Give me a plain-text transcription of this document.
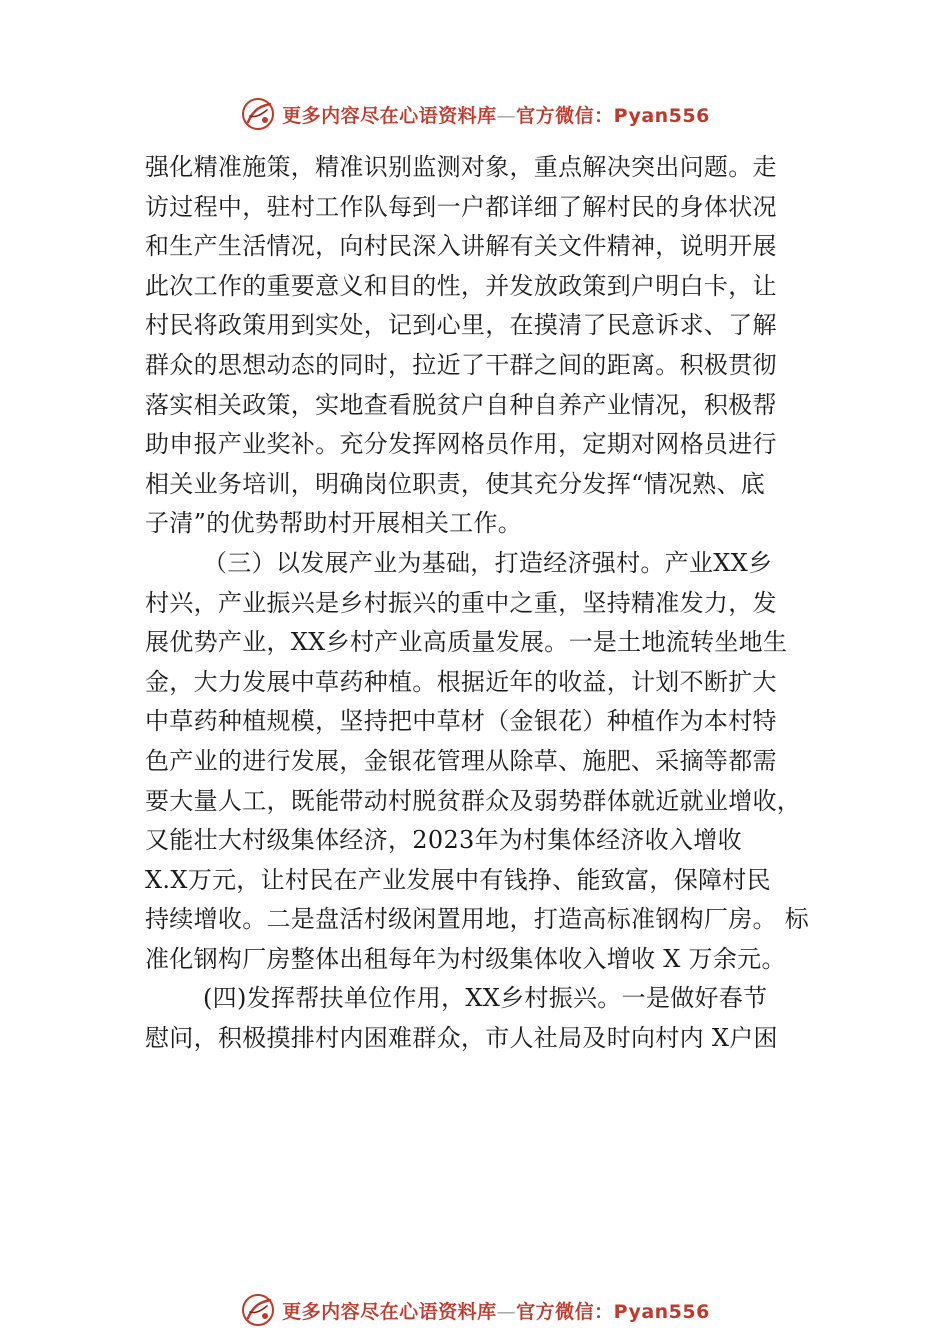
更多内容尽在心语资料库—官方微信：Pyan556
强化精准施策，精准识别监测对象，重点解决突出问题。走
访过程中，驻村工作队每到一户都详细了解村民的身体状况
和生产生活情况，向村民深入讲解有关文件精神，说明开展
此次工作的重要意义和目的性，并发放政策到户明白卡，让
村民将政策用到实处，记到心里，在摸清了民意诉求、了解
群众的思想动态的同时，拉近了干群之间的距离。积极贯彻
落实相关政策，实地查看脱贫户自种自养产业情况，积极帮
助申报产业奖补。充分发挥网格员作用，定期对网格员进行
相关业务培训，明确岗位职责，使其充分发挥“情况熟、底
子清”的优势帮助村开展相关工作。
（三）以发展产业为基础，打造经济强村。产业XX乡
村兴，产业振兴是乡村振兴的重中之重，坚持精准发力，发
展优势产业，XX乡村产业高质量发展。一是土地流转坐地生
金，大力发展中草药种植。根据近年的收益，计划不断扩大
中草药种植规模，坚持把中草材（金银花）种植作为本村特
色产业的进行发展，金银花管理从除草、施肥、采摘等都需
要大量人工，既能带动村脱贫群众及弱势群体就近就业增收，
又能壮大村级集体经济，2023年为村集体经济收入增收
X.X万元，让村民在产业发展中有钱挣、能致富，保障村民
持续增收。二是盘活村级闲置用地，打造高标准钢构厂房。 标
准化钢构厂房整体出租每年为村级集体收入增收 X 万余元。
(四)发挥帮扶单位作用，XX乡村振兴。一是做好春节
慰问，积极摸排村内困难群众，市人社局及时向村内 X户困
更多内容尽在心语资料库—官方微信：Pyan556
